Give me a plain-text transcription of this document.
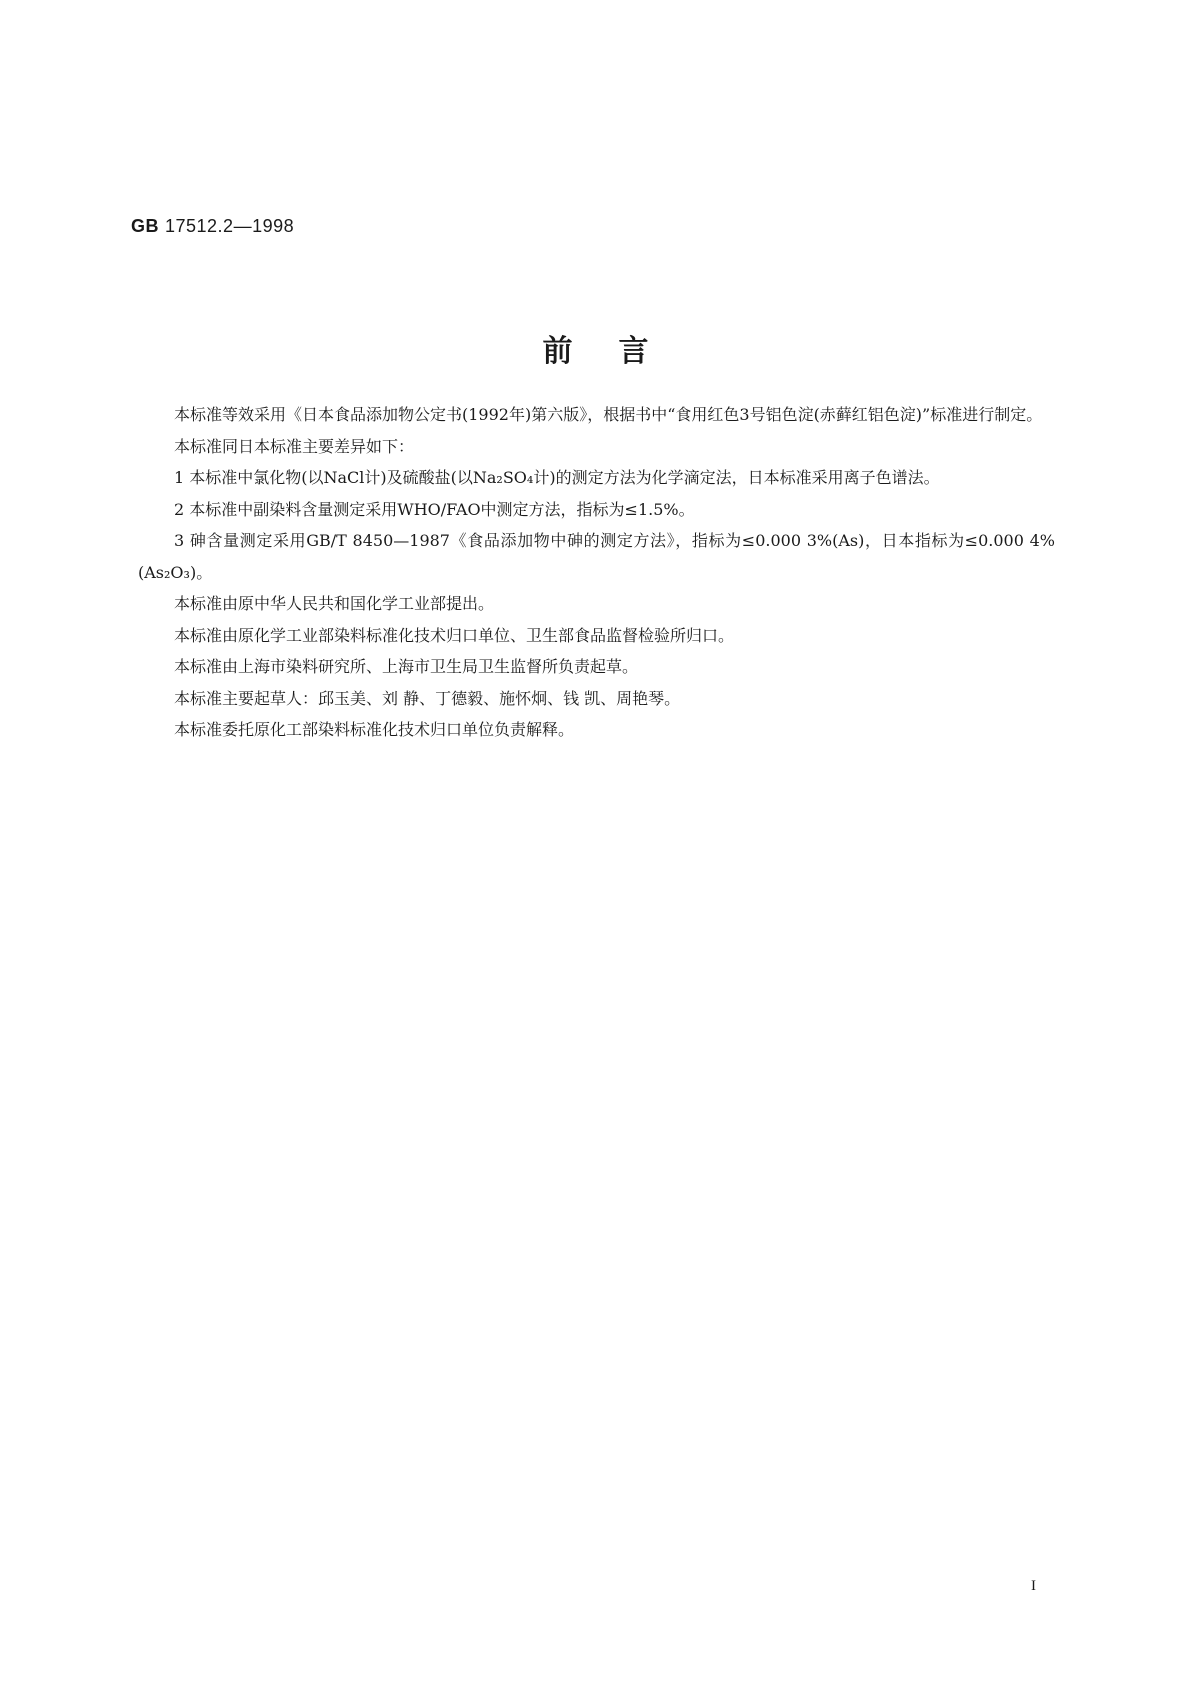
GB 17512.2—1998
前言

本标准等效采用《日本食品添加物公定书(1992年)第六版》，根据书中“食用红色3号铝色淀(赤藓红铝色淀)”标准进行制定。

本标准同日本标准主要差异如下：

1 本标准中氯化物(以NaCl计)及硫酸盐(以Na₂SO₄计)的测定方法为化学滴定法，日本标准采用离子色谱法。

2 本标准中副染料含量测定采用WHO/FAO中测定方法，指标为≤1.5%。

3 砷含量测定采用GB/T 8450—1987《食品添加物中砷的测定方法》，指标为≤0.000 3%(As)，日本指标为≤0.000 4%(As₂O₃)。

本标准由原中华人民共和国化学工业部提出。

本标准由原化学工业部染料标准化技术归口单位、卫生部食品监督检验所归口。

本标准由上海市染料研究所、上海市卫生局卫生监督所负责起草。

本标准主要起草人：邱玉美、刘 静、丁德毅、施怀炯、钱 凯、周艳琴。

本标准委托原化工部染料标准化技术归口单位负责解释。

I
